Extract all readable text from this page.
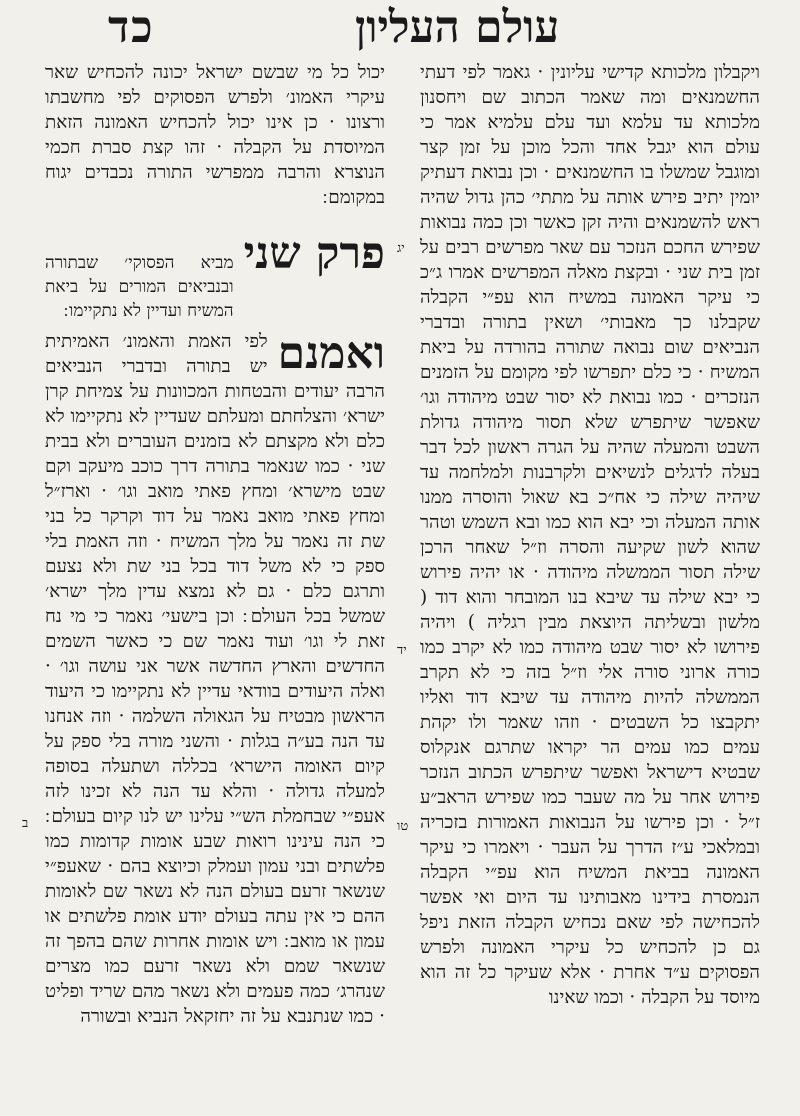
עולם העליון
כד

ויקבלון מלכותא קדישי עליונין · גאמר לפי דעתי החשמנאים ומה שאמר הכתוב שם ויחסנון מלכותא עד עלמא ועד עלם עלמיא אמר כי עולם הוא יגבל אחד והכל מוכן על זמן קצר ומוגבל שמשלו בו החשמנאים · וכן נבואת דעתיק יומין יתיב פירש אותה על מתתי׳ כהן גדול שהיה ראש להשמנאים והיה זקן כאשר וכן כמה נבואות שפירש החכם הנזכר עם שאר מפרשים רבים על זמן בית שני · ובקצת מאלה המפרשים אמרו ג״כ כי עיקר האמונה במשיח הוא עפ״י הקבלה שקבלנו כך מאבותי׳ ושאין בתורה ובדברי הנביאים שום נבואה שתורה בהורדה על ביאת המשיח · כי כלם יתפרשו לפי מקומם על הזמנים הנזכרים · כמו נבואת לא יסור שבט מיהודה וגו׳ שאפשר שיתפרש שלא תסור מיהודה גדולת השבט והמעלה שהיה על הגרה ראשון לכל דבר בעלה לדגלים לנשיאים ולקרבנות ולמלחמה עד שיהיה שילה כי אח״כ בא שאול והוסרה ממנו אותה המעלה וכי יבא הוא כמו ובא השמש וטהר שהוא לשון שקיעה והסרה וז״ל שאחר הרכן שילה תסור הממשלה מיהודה · או יהיה פירוש כי יבא שילה עד שיבא בנו המובחר והוא דוד ( מלשון ובשליתה היוצאת מבין רגליה ) ויהיה פירושו לא יסור שבט מיהודה כמו לא יקרב כמו כורה ארוני סורה אלי וז״ל בזה כי לא תקרב הממשלה להיות מיהודה עד שיבא דוד ואליו יתקבצו כל השבטים · וזהו שאמר ולו יקהת עמים כמו עמים הר יקראו שתרגם אנקלוס שבטיא דישראל ואפשר שיתפרש הכתוב הנזכר פירוש אחר על מה שעבר כמו שפירש הראב״ע ז״ל · וכן פירשו על הנבואות האמורות בזכריה ובמלאכי ע״ז הדרך על העבר · ויאמרו כי עיקר האמונה בביאת המשיח הוא עפ״י הקבלה הנמסרת בידינו מאבותינו עד היום ואי אפשר להכחישה לפי שאם נכחיש הקבלה הזאת ניפל גם כן להכחיש כל עיקרי האמונה ולפרש הפסוקים ע״ד אחרת · אלא שעיקר כל זה הוא מיוסד על הקבלה · וכמו שאינו

יג
יד
טו
ב

יכול כל מי שבשם ישראל יכונה להכחיש שאר עיקרי האמונ׳ ולפרש הפסוקים לפי מחשבתו ורצונו · כן אינו יכול להכחיש האמונה הזאת המיוסדת על הקבלה · זהו קצת סברת חכמי הנוצרא והרבה ממפרשי התורה נכבדים יגוח במקומם ׃

פרק שני
מביא הפסוקי׳ שבתורה ובנביאים המורים על ביאת המשיח ועדיין לא נתקיימו ׃

ואמנם
לפי האמת והאמונ׳ האמיתית יש בתורה ובדברי הנביאים הרבה יעודים והבטחות המכוונות על צמיחת קרן ישרא׳ והצלחתם ומעלתם שעדיין לא נתקיימו לא כלם ולא מקצתם לא בזמנים העוברים ולא בבית שני · כמו שנאמר בתורה דרך כוכב מיעקב וקם שבט מישרא׳ ומחץ פאתי מואב וגו׳ · וארז״ל ומחץ פאתי מואב נאמר על דוד וקרקר כל בני שת זה נאמר על מלך המשיח · וזה האמת בלי ספק כי לא משל דוד בכל בני שת ולא נצעם ותרגם כלם · גם לא נמצא עדין מלך ישרא׳ שמשל בכל העולם ׃ וכן בישעי׳ נאמר כי מי נח זאת לי וגו׳ ועוד נאמר שם כי כאשר השמים החדשים והארץ החדשה אשר אני עושה וגו׳ · ואלה היעודים בוודאי עדיין לא נתקיימו כי היעוד הראשון מבטיח על הגאולה השלמה · וזה אנחנו עד הנה בע״ה בגלות · והשני מורה בלי ספק על קיום האומה הישרא׳ בכללה ושתעלה בסופה למעלה גדולה · והלא עד הנה לא זכינו לזה אעפ״י שבחמלת הש״י עלינו יש לנו קיום בעולם ׃ כי הנה עינינו רואות שבע אומות קדומות כמו פלשתים ובני עמון ועמלק וכיוצא בהם · שאעפ״י שנשאר זרעם בעולם הנה לא נשאר שם לאומות ההם כי אין עתה בעולם יודע אומת פלשתים או עמון או מואב ׃ ויש אומות אחרות שהם בהפך זה שנשאר שמם ולא נשאר זרעם כמו מצרים שנהרג׳ כמה פעמים ולא נשאר מהם שריד ופליט · כמו שנתנבא על זה יחזקאל הנביא ובשורה
